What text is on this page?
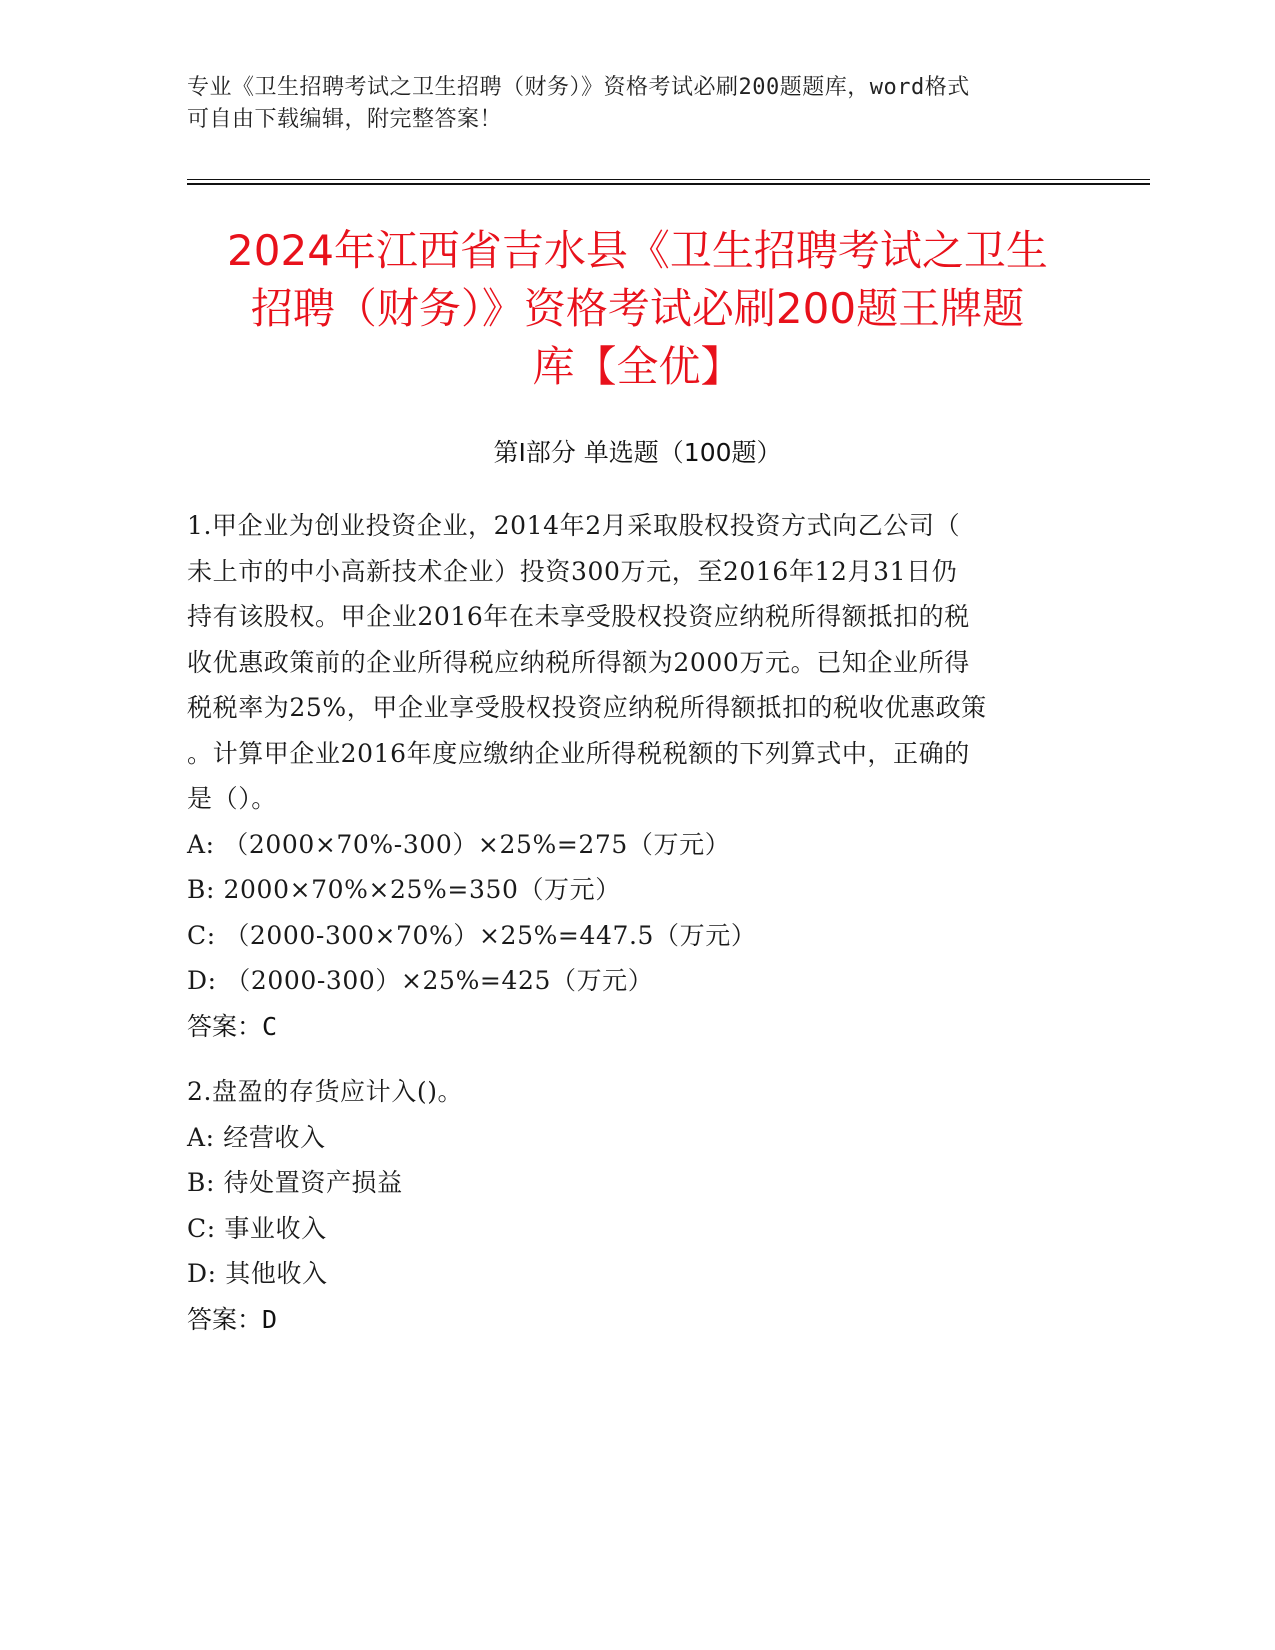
专业《卫生招聘考试之卫生招聘（财务）》资格考试必刷200题题库，word格式
可自由下载编辑，附完整答案！
2024年江西省吉水县《卫生招聘考试之卫生
招聘（财务）》资格考试必刷200题王牌题
库【全优】
第Ⅰ部分 单选题（100题）
1.甲企业为创业投资企业，2014年2月采取股权投资方式向乙公司（
未上市的中小高新技术企业）投资300万元，至2016年12月31日仍
持有该股权。甲企业2016年在未享受股权投资应纳税所得额抵扣的税
收优惠政策前的企业所得税应纳税所得额为2000万元。已知企业所得
税税率为25%，甲企业享受股权投资应纳税所得额抵扣的税收优惠政策
。计算甲企业2016年度应缴纳企业所得税税额的下列算式中，正确的
是（）。
A: （2000×70%-300）×25%=275（万元）
B: 2000×70%×25%=350（万元）
C: （2000-300×70%）×25%=447.5（万元）
D: （2000-300）×25%=425（万元）
答案：C
2.盘盈的存货应计入()。
A: 经营收入
B: 待处置资产损益
C: 事业收入
D: 其他收入
答案：D
